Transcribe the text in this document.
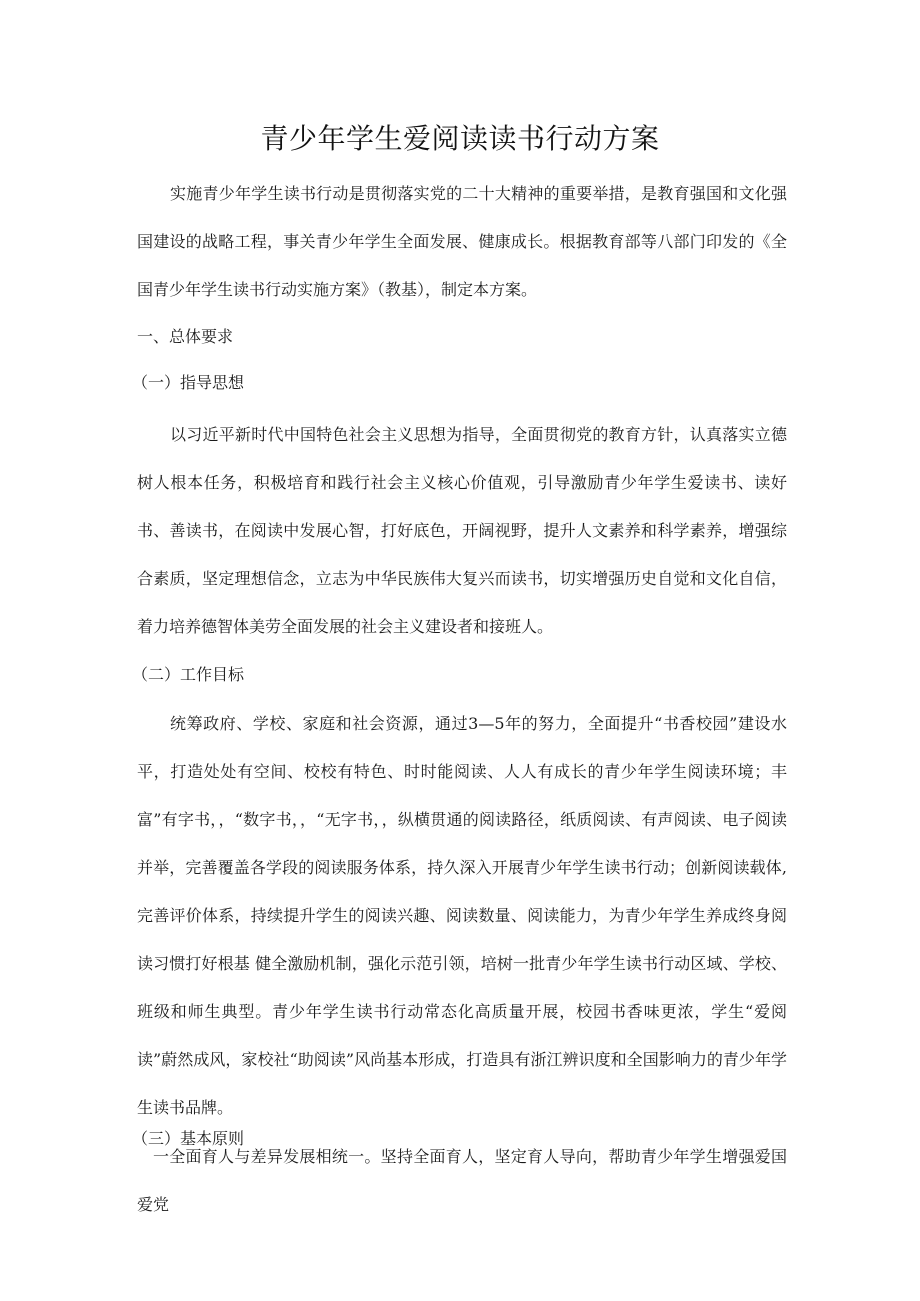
青少年学生爱阅读读书行动方案

实施青少年学生读书行动是贯彻落实党的二十大精神的重要举措，是教育强国和文化强国建设的战略工程，事关青少年学生全面发展、健康成长。根据教育部等八部门印发的《全国青少年学生读书行动实施方案》（教基），制定本方案。

一、总体要求
（一）指导思想

以习近平新时代中国特色社会主义思想为指导，全面贯彻党的教育方针，认真落实立德树人根本任务，积极培育和践行社会主义核心价值观，引导激励青少年学生爱读书、读好书、善读书，在阅读中发展心智，打好底色，开阔视野，提升人文素养和科学素养，增强综合素质，坚定理想信念，立志为中华民族伟大复兴而读书，切实增强历史自觉和文化自信，着力培养德智体美劳全面发展的社会主义建设者和接班人。

（二）工作目标

统筹政府、学校、家庭和社会资源，通过3—5年的努力，全面提升“书香校园”建设水平，打造处处有空间、校校有特色、时时能阅读、人人有成长的青少年学生阅读环境；丰富”有字书，，“数字书，，“无字书，，纵横贯通的阅读路径，纸质阅读、有声阅读、电子阅读并举，完善覆盖各学段的阅读服务体系，持久深入开展青少年学生读书行动；创新阅读载体,完善评价体系，持续提升学生的阅读兴趣、阅读数量、阅读能力，为青少年学生养成终身阅读习惯打好根基 健全激励机制，强化示范引领，培树一批青少年学生读书行动区域、学校、班级和师生典型。青少年学生读书行动常态化高质量开展，校园书香味更浓，学生“爱阅读”蔚然成风，家校社“助阅读”风尚基本形成，打造具有浙江辨识度和全国影响力的青少年学生读书品牌。

（三）基本原则

一全面育人与差异发展相统一。坚持全面育人，坚定育人导向，帮助青少年学生增强爱国爱党
